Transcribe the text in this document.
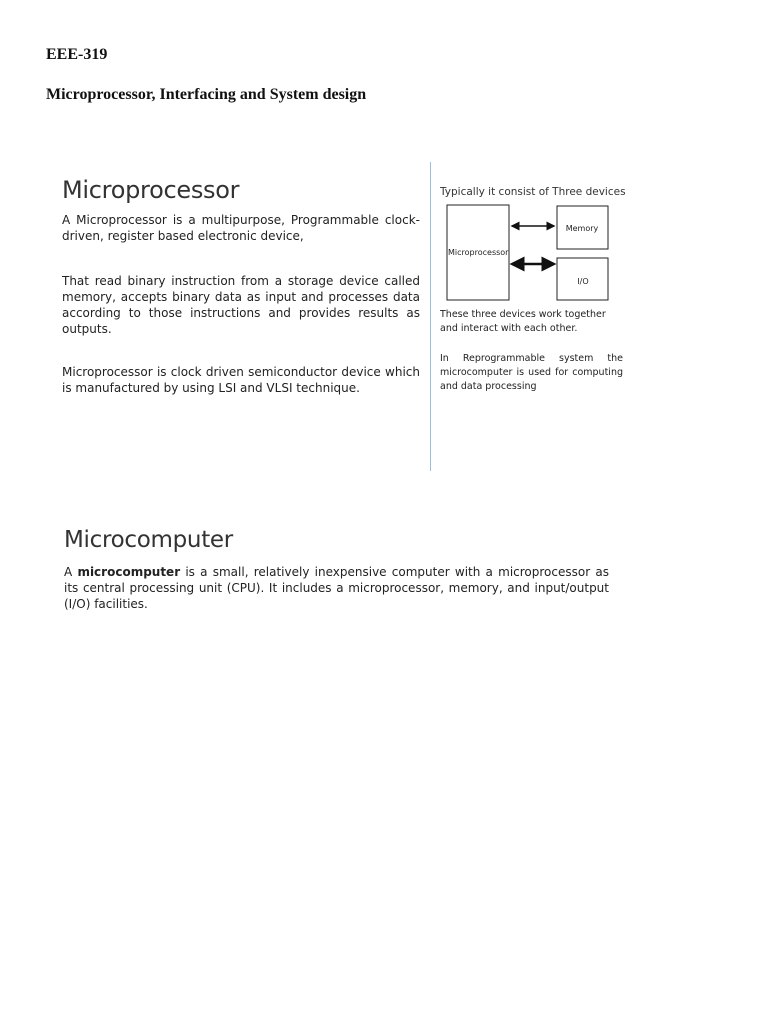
EEE-319
Microprocessor, Interfacing and System design
Microprocessor

A Microprocessor is a multipurpose, Programmable clock-driven, register based electronic device,

That read binary instruction from a storage device called memory, accepts binary data as input and processes data according to those instructions and provides results as outputs.

Microprocessor is clock driven semiconductor device which is manufactured by using LSI and VLSI technique.

Typically it consist of Three devices
Microprocessor
Memory
I/O

These three devices work together and interact with each other.

In Reprogrammable system the microcomputer is used for computing and data processing

Microcomputer

A microcomputer is a small, relatively inexpensive computer with a microprocessor as its central processing unit (CPU). It includes a microprocessor, memory, and input/output (I/O) facilities.
